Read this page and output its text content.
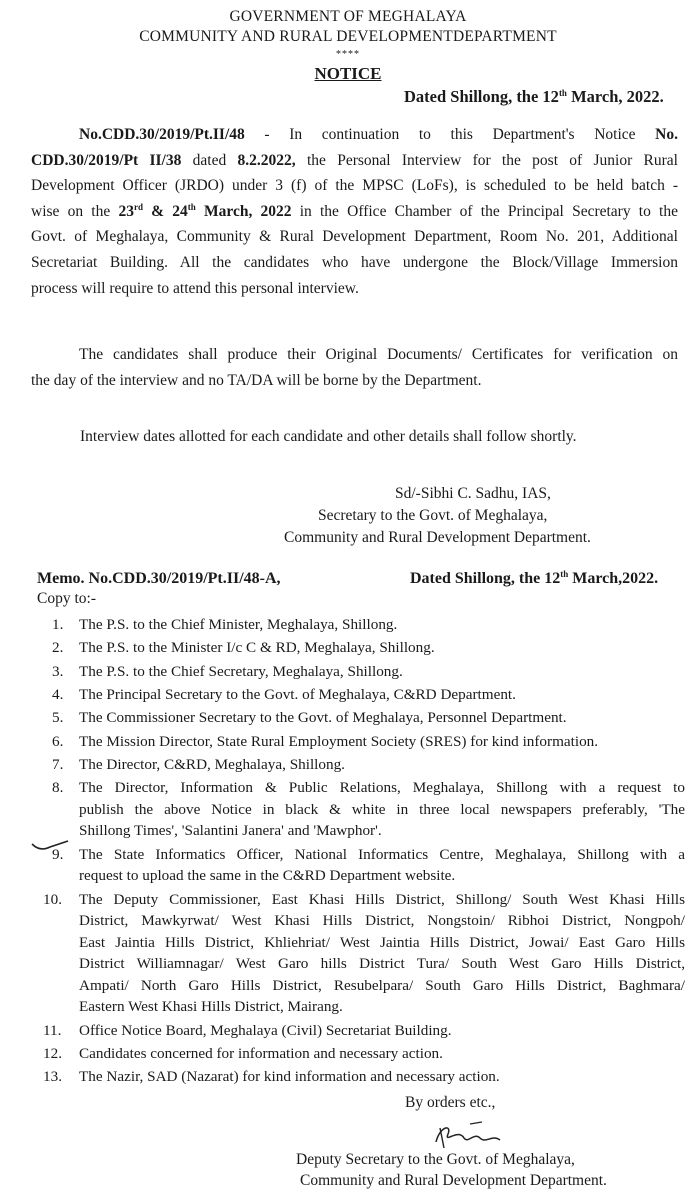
GOVERNMENT OF MEGHALAYA
COMMUNITY AND RURAL DEVELOPMENTDEPARTMENT
****
NOTICE
Dated Shillong, the 12th March, 2022.
No.CDD.30/2019/Pt.II/48 - In continuation to this Department's Notice No.
CDD.30/2019/Pt II/38 dated 8.2.2022, the Personal Interview for the post of Junior Rural
Development Officer (JRDO) under 3 (f) of the MPSC (LoFs), is scheduled to be held batch -
wise on the 23rd & 24th March, 2022 in the Office Chamber of the Principal Secretary to the
Govt. of Meghalaya, Community & Rural Development Department, Room No. 201, Additional
Secretariat Building. All the candidates who have undergone the Block/Village Immersion
process will require to attend this personal interview.
The candidates shall produce their Original Documents/ Certificates for verification on
the day of the interview and no TA/DA will be borne by the Department.
Interview dates allotted for each candidate and other details shall follow shortly.
Sd/-Sibhi C. Sadhu, IAS,
Secretary to the Govt. of Meghalaya,
Community and Rural Development Department.
Memo. No.CDD.30/2019/Pt.II/48-A,	Dated Shillong, the 12th March,2022.
Copy to:-
1.	The P.S. to the Chief Minister, Meghalaya, Shillong.
2.	The P.S. to the Minister I/c C & RD, Meghalaya, Shillong.
3.	The P.S. to the Chief Secretary, Meghalaya, Shillong.
4.	The Principal Secretary to the Govt. of Meghalaya, C&RD Department.
5.	The Commissioner Secretary to the Govt. of Meghalaya, Personnel Department.
6.	The Mission Director, State Rural Employment Society (SRES) for kind information.
7.	The Director, C&RD, Meghalaya, Shillong.
8.	The Director, Information & Public Relations, Meghalaya, Shillong with a request to
publish the above Notice in black & white in three local newspapers preferably, 'The
Shillong Times', 'Salantini Janera' and 'Mawphor'.
9.	The State Informatics Officer, National Informatics Centre, Meghalaya, Shillong with a
request to upload the same in the C&RD Department website.
10. The Deputy Commissioner, East Khasi Hills District, Shillong/ South West Khasi Hills
District, Mawkyrwat/ West Khasi Hills District, Nongstoin/ Ribhoi District, Nongpoh/
East Jaintia Hills District, Khliehriat/ West Jaintia Hills District, Jowai/ East Garo Hills
District Williamnagar/ West Garo hills District Tura/ South West Garo Hills District,
Ampati/ North Garo Hills District, Resubelpara/ South Garo Hills District, Baghmara/
Eastern West Khasi Hills District, Mairang.
11. Office Notice Board, Meghalaya (Civil) Secretariat Building.
12. Candidates concerned for information and necessary action.
13. The Nazir, SAD (Nazarat) for kind information and necessary action.
By orders etc.,
Deputy Secretary to the Govt. of Meghalaya,
Community and Rural Development Department.
